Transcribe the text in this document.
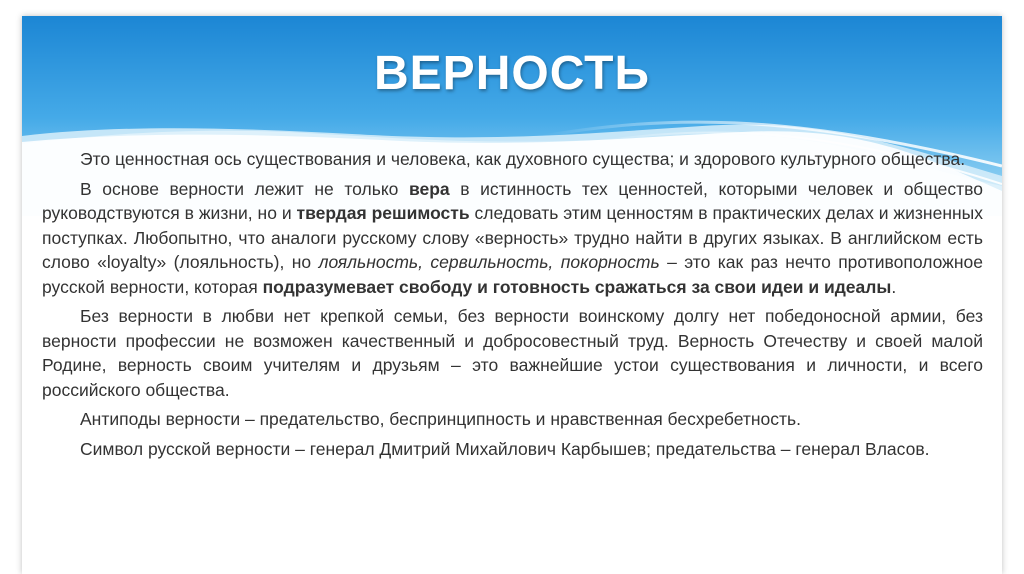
ВЕРНОСТЬ

Это ценностная ось существования и человека, как духовного существа; и здорового культурного общества.

В основе верности лежит не только вера в истинность тех ценностей, которыми человек и общество руководствуются в жизни, но и твердая решимость следовать этим ценностям в практических делах и жизненных поступках. Любопытно, что аналоги русскому слову «верность» трудно найти в других языках. В английском есть слово «loyalty» (лояльность), но лояльность, сервильность, покорность – это как раз нечто противоположное русской верности, которая подразумевает свободу и готовность сражаться за свои идеи и идеалы.

Без верности в любви нет крепкой семьи, без верности воинскому долгу нет победоносной армии, без верности профессии не возможен качественный и добросовестный труд. Верность Отечеству и своей малой Родине, верность своим учителям и друзьям – это важнейшие устои существования и личности, и всего российского общества.

Антиподы верности – предательство, беспринципность и нравственная бесхребетность.

Символ русской верности – генерал Дмитрий Михайлович Карбышев; предательства – генерал Власов.
